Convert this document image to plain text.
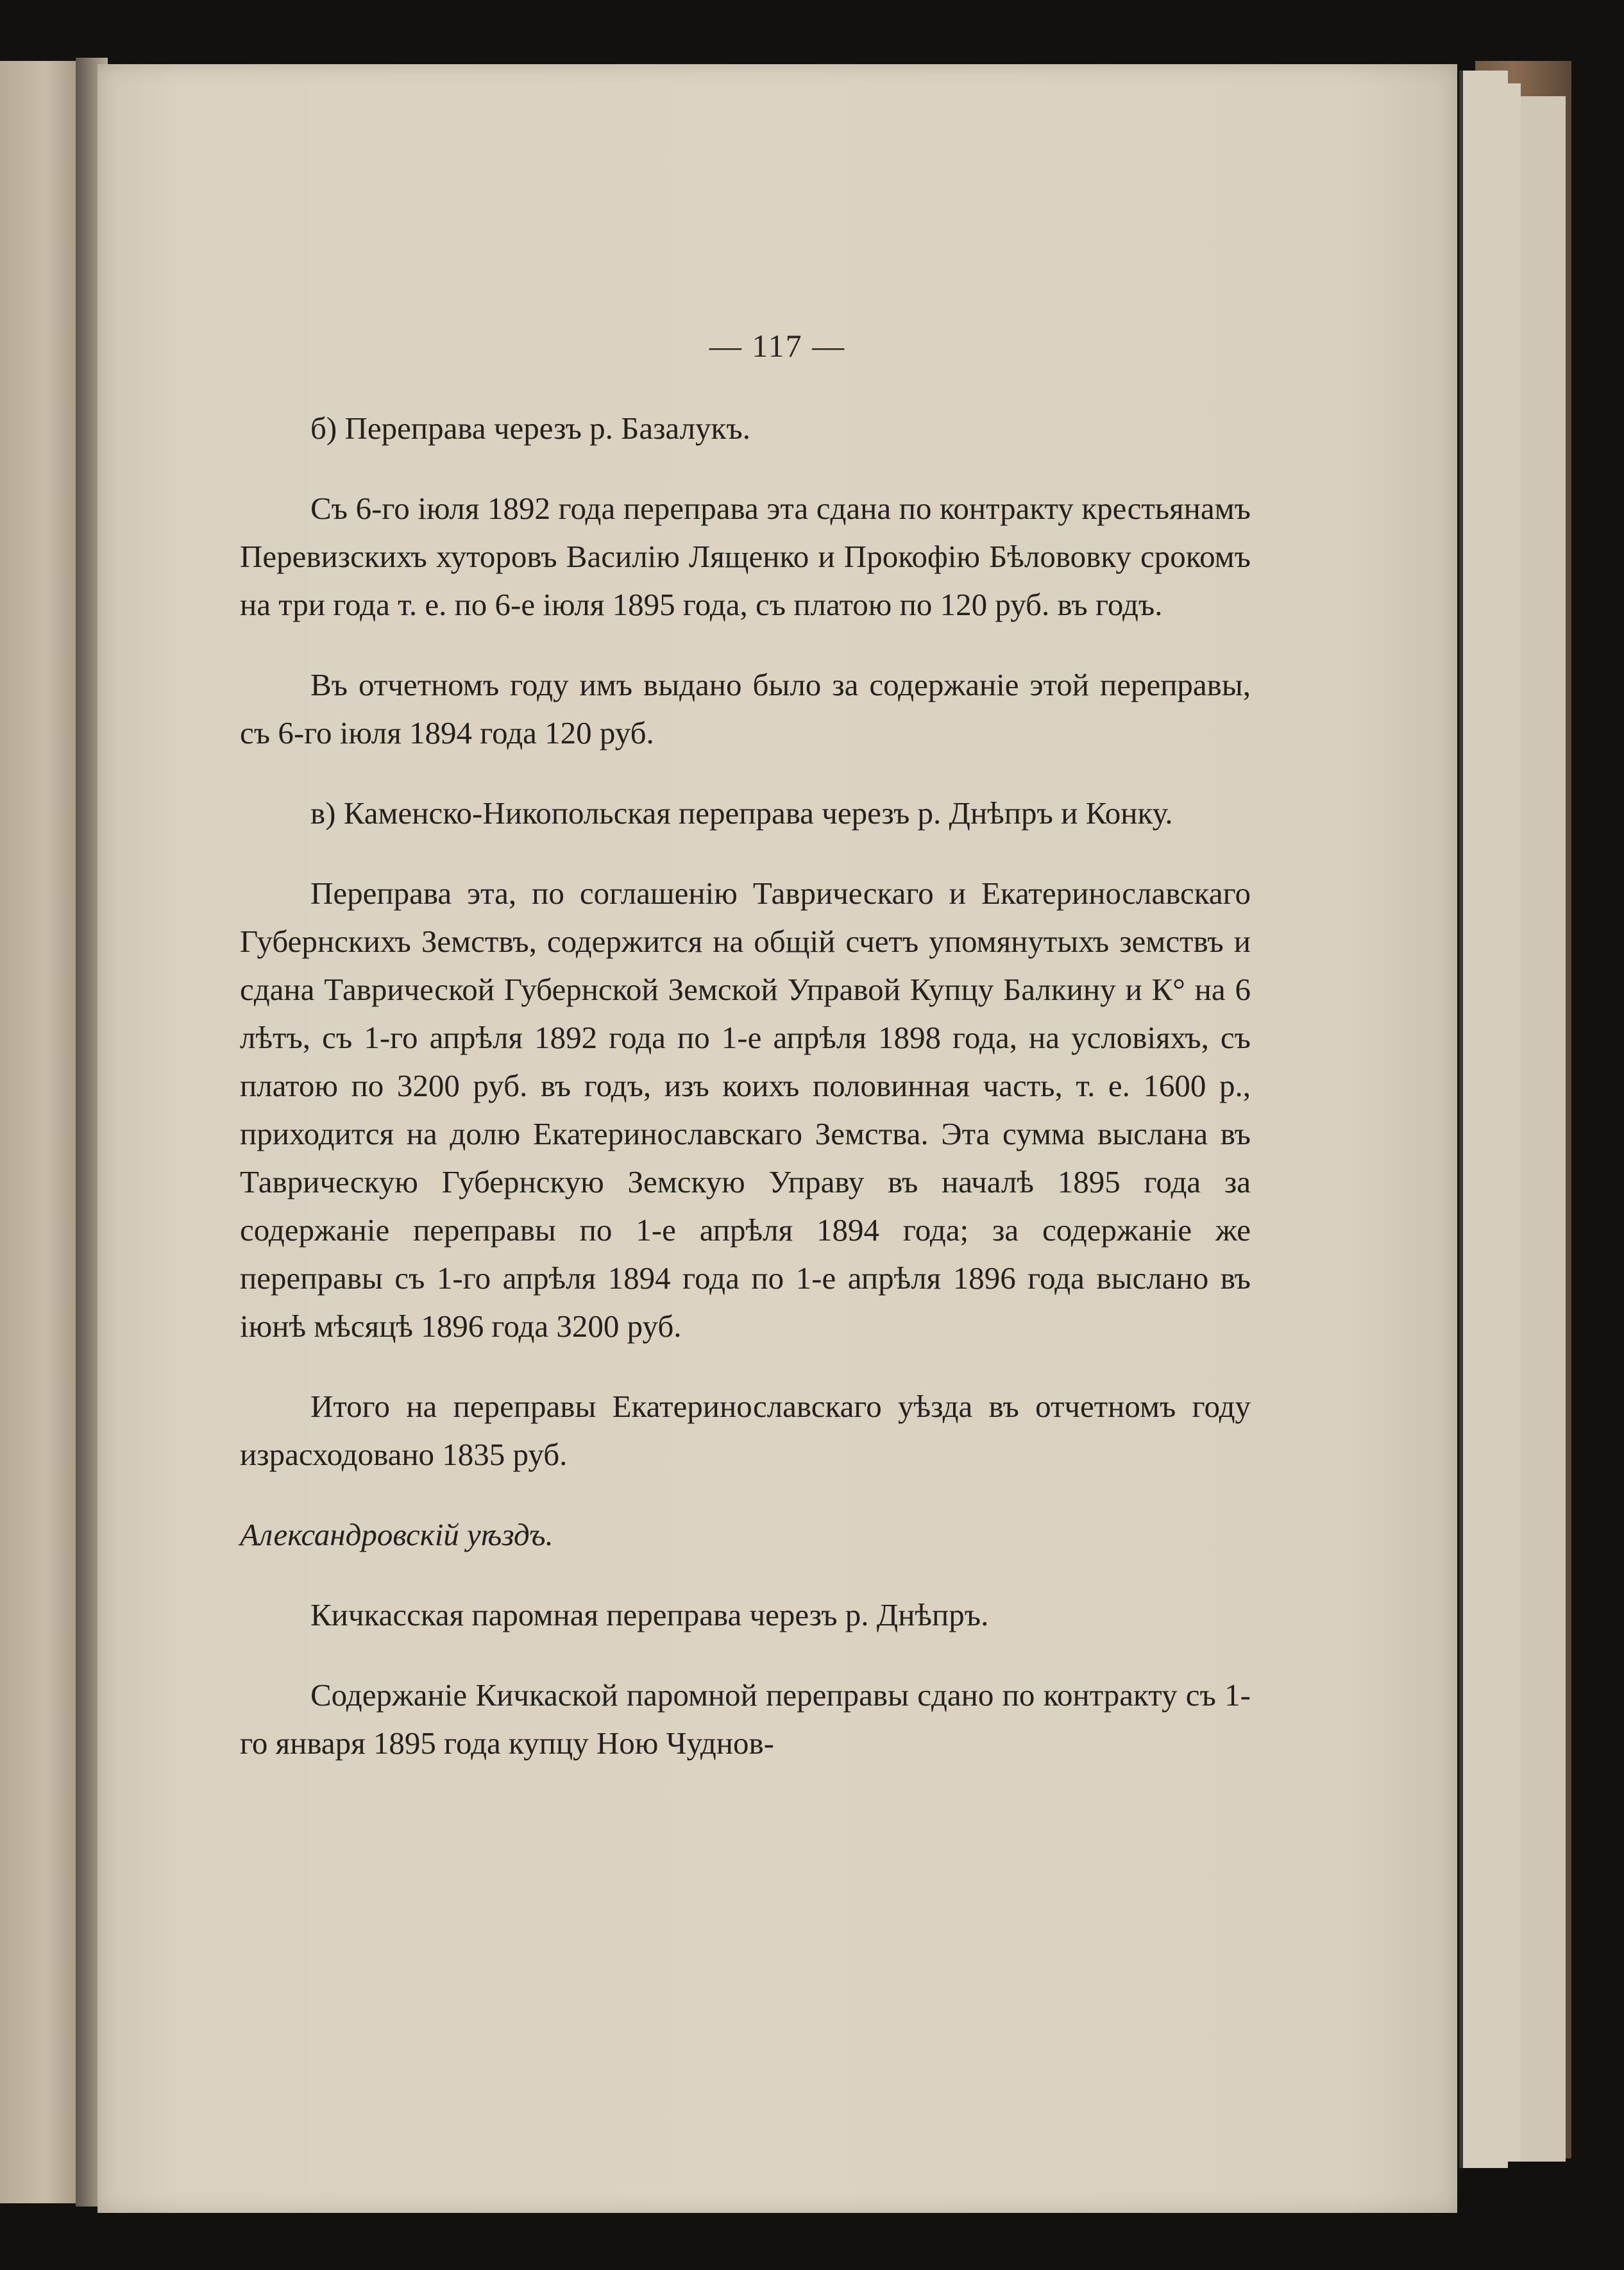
— 117 —

б) Переправа черезъ р. Базалукъ.

Съ 6-го іюля 1892 года переправа эта сдана по контракту крестьянамъ Перевизскихъ хуторовъ Василію Лященко и Прокофію Бѣлововку срокомъ на три года т. е. по 6-е іюля 1895 года, съ платою по 120 руб. въ годъ.

Въ отчетномъ году имъ выдано было за содержаніе этой переправы, съ 6-го іюля 1894 года 120 руб.

в) Каменско-Никопольская переправа черезъ р. Днѣпръ и Конку.

Переправа эта, по соглашенію Таврическаго и Екатеринославскаго Губернскихъ Земствъ, содержится на общій счетъ упомянутыхъ земствъ и сдана Таврической Губернской Земской Управой Купцу Балкину и К° на 6 лѣтъ, съ 1-го апрѣля 1892 года по 1-е апрѣля 1898 года, на условіяхъ, съ платою по 3200 руб. въ годъ, изъ коихъ половинная часть, т. е. 1600 р., приходится на долю Екатеринославскаго Земства. Эта сумма выслана въ Таврическую Губернскую Земскую Управу въ началѣ 1895 года за содержаніе переправы по 1-е апрѣля 1894 года; за содержаніе же переправы съ 1-го апрѣля 1894 года по 1-е апрѣля 1896 года выслано въ іюнѣ мѣсяцѣ 1896 года 3200 руб.

Итого на переправы Екатеринославскаго уѣзда въ отчетномъ году израсходовано 1835 руб.

Александровскій уѣздъ.

Кичкасская паромная переправа черезъ р. Днѣпръ.

Содержаніе Кичкаской паромной переправы сдано по контракту съ 1-го января 1895 года купцу Ною Чуднов-
